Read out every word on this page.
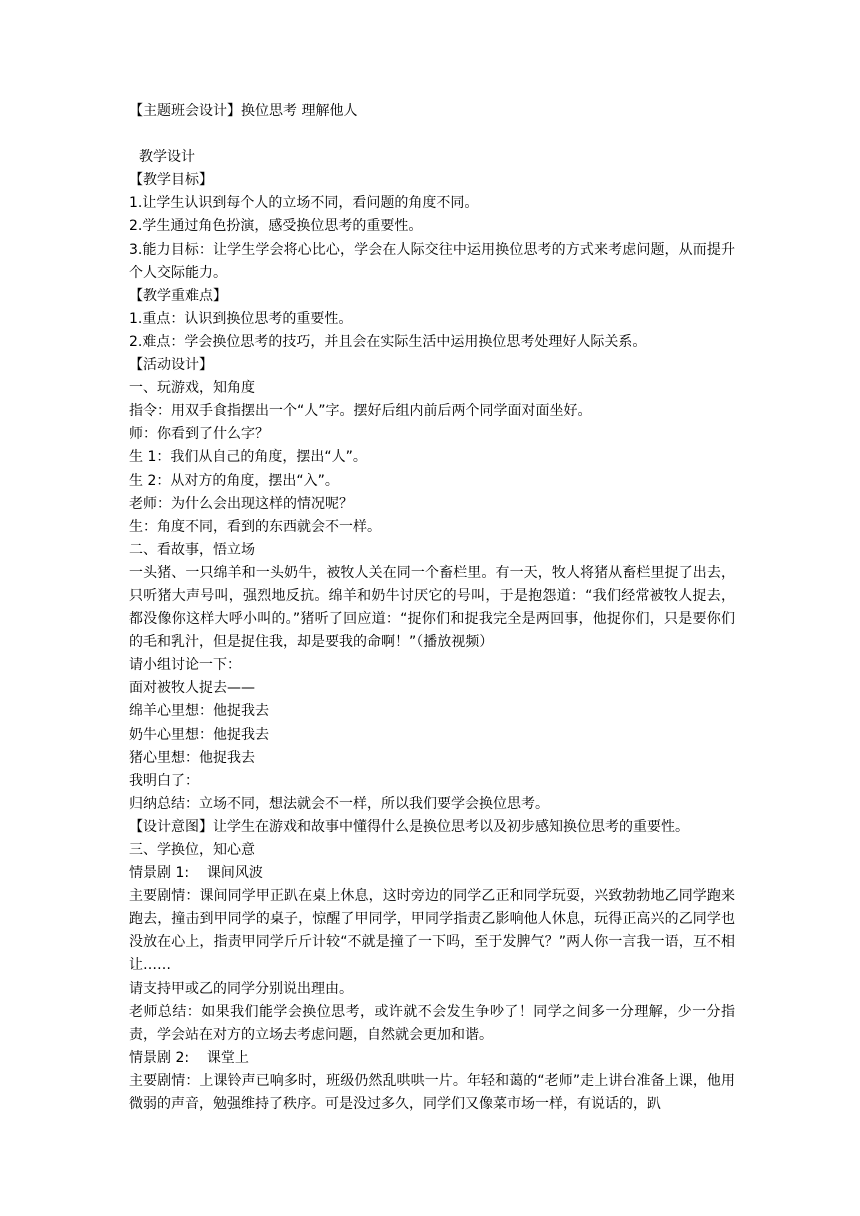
【主题班会设计】换位思考 理解他人
教学设计
【教学目标】
1.让学生认识到每个人的立场不同，看问题的角度不同。
2.学生通过角色扮演，感受换位思考的重要性。
3.能力目标：让学生学会将心比心，学会在人际交往中运用换位思考的方式来考虑问题，从而提升个人交际能力。
【教学重难点】
1.重点：认识到换位思考的重要性。
2.难点：学会换位思考的技巧，并且会在实际生活中运用换位思考处理好人际关系。
【活动设计】
一、玩游戏，知角度
指令：用双手食指摆出一个“人”字。摆好后组内前后两个同学面对面坐好。
师：你看到了什么字？
生 1：我们从自己的角度，摆出“人”。
生 2：从对方的角度，摆出“入”。
老师：为什么会出现这样的情况呢？
生：角度不同，看到的东西就会不一样。
二、看故事，悟立场
一头猪、一只绵羊和一头奶牛，被牧人关在同一个畜栏里。有一天，牧人将猪从畜栏里捉了出去，只听猪大声号叫，强烈地反抗。绵羊和奶牛讨厌它的号叫，于是抱怨道：“我们经常被牧人捉去，都没像你这样大呼小叫的。”猪听了回应道：“捉你们和捉我完全是两回事，他捉你们，只是要你们的毛和乳汁，但是捉住我，却是要我的命啊！”（播放视频）
请小组讨论一下：
面对被牧人捉去——
绵羊心里想：他捉我去
奶牛心里想：他捉我去
猪心里想：他捉我去
我明白了：
归纳总结：立场不同，想法就会不一样，所以我们要学会换位思考。
【设计意图】让学生在游戏和故事中懂得什么是换位思考以及初步感知换位思考的重要性。
三、学换位，知心意
情景剧 1:    课间风波
主要剧情：课间同学甲正趴在桌上休息，这时旁边的同学乙正和同学玩耍，兴致勃勃地乙同学跑来跑去，撞击到甲同学的桌子，惊醒了甲同学，甲同学指责乙影响他人休息，玩得正高兴的乙同学也没放在心上，指责甲同学斤斤计较“不就是撞了一下吗，至于发脾气？”两人你一言我一语，互不相让……
请支持甲或乙的同学分别说出理由。
老师总结：如果我们能学会换位思考，或许就不会发生争吵了！同学之间多一分理解，少一分指责，学会站在对方的立场去考虑问题，自然就会更加和谐。
情景剧 2:    课堂上
主要剧情：上课铃声已响多时，班级仍然乱哄哄一片。年轻和蔼的“老师”走上讲台准备上课，他用微弱的声音，勉强维持了秩序。可是没过多久，同学们又像菜市场一样，有说话的，趴
